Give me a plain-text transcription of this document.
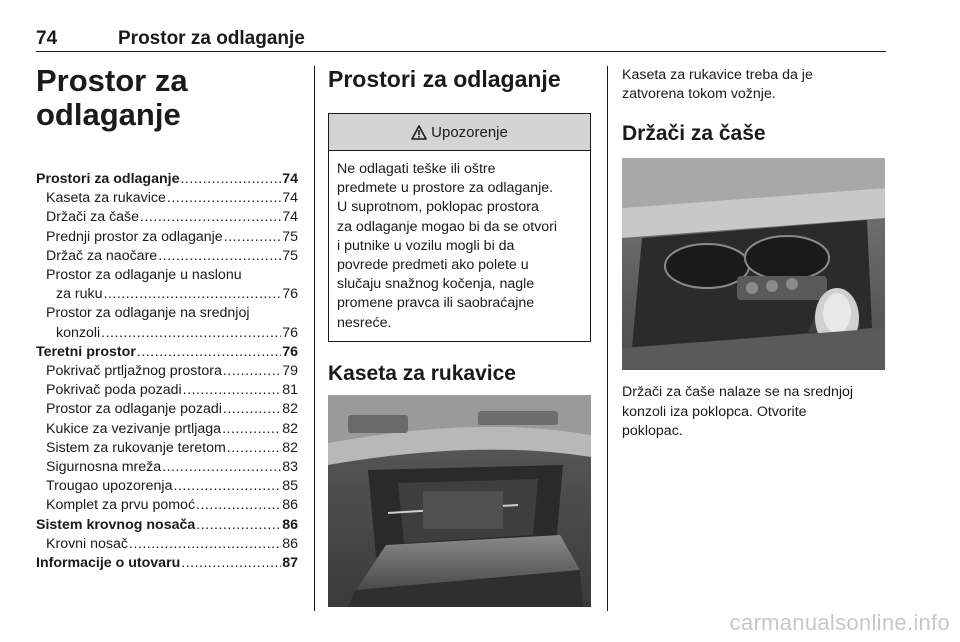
74	Prostor za odlaganje
Prostor za
odlaganje
Prostori za odlaganje .....	74
Kaseta za rukavice .....	74
Držači za čaše .....	74
Prednji prostor za odlaganje .....	75
Držač za naočare .....	75
Prostor za odlaganje u naslonu
za ruku .....	76
Prostor za odlaganje na srednjoj
konzoli .....	76
Teretni prostor .....	76
Pokrivač prtljažnog prostora .....	79
Pokrivač poda pozadi .....	81
Prostor za odlaganje pozadi .....	82
Kukice za vezivanje prtljaga .....	82
Sistem za rukovanje teretom .....	82
Sigurnosna mreža .....	83
Trougao upozorenja .....	85
Komplet za prvu pomoć .....	86
Sistem krovnog nosača .....	86
Krovni nosač .....	86
Informacije o utovaru .....	87
Prostori za odlaganje
Upozorenje
Ne odlagati teške ili oštre
predmete u prostore za odlaganje.
U suprotnom, poklopac prostora
za odlaganje mogao bi da se otvori
i putnike u vozilu mogli bi da
povrede predmeti ako polete u
slučaju snažnog kočenja, nagle
promene pravca ili saobraćajne
nesreće.
Kaseta za rukavice

Kaseta za rukavice treba da je
zatvorena tokom vožnje.

Držači za čaše

Držači za čaše nalaze se na srednjoj
konzoli iza poklopca. Otvorite
poklopac.

carmanualsonline.info
